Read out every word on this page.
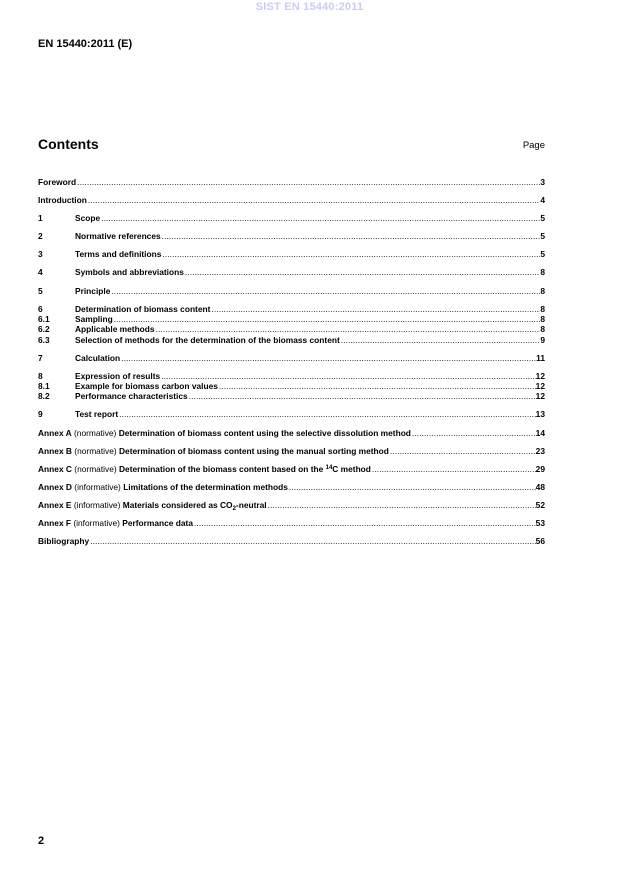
SIST EN 15440:2011
EN 15440:2011 (E)
Contents	Page
Foreword .....	3
Introduction .....	4
1	Scope .....	5
2	Normative references .....	5
3	Terms and definitions .....	5
4	Symbols and abbreviations .....	8
5	Principle .....	8
6	Determination of biomass content .....	8
6.1	Sampling .....	8
6.2	Applicable methods .....	8
6.3	Selection of methods for the determination of the biomass content .....	9
7	Calculation .....	11
8	Expression of results .....	12
8.1	Example for biomass carbon values .....	12
8.2	Performance characteristics .....	12
9	Test report .....	13
Annex A (normative) Determination of biomass content using the selective dissolution method .....	14
Annex B (normative) Determination of biomass content using the manual sorting method .....	23
Annex C (normative) Determination of the biomass content based on the $^{14}$C method .....	29
Annex D (informative) Limitations of the determination methods .....	48
Annex E (informative) Materials considered as $CO_2$-neutral .....	52
Annex F (informative) Performance data .....	53
Bibliography .....	56
2
